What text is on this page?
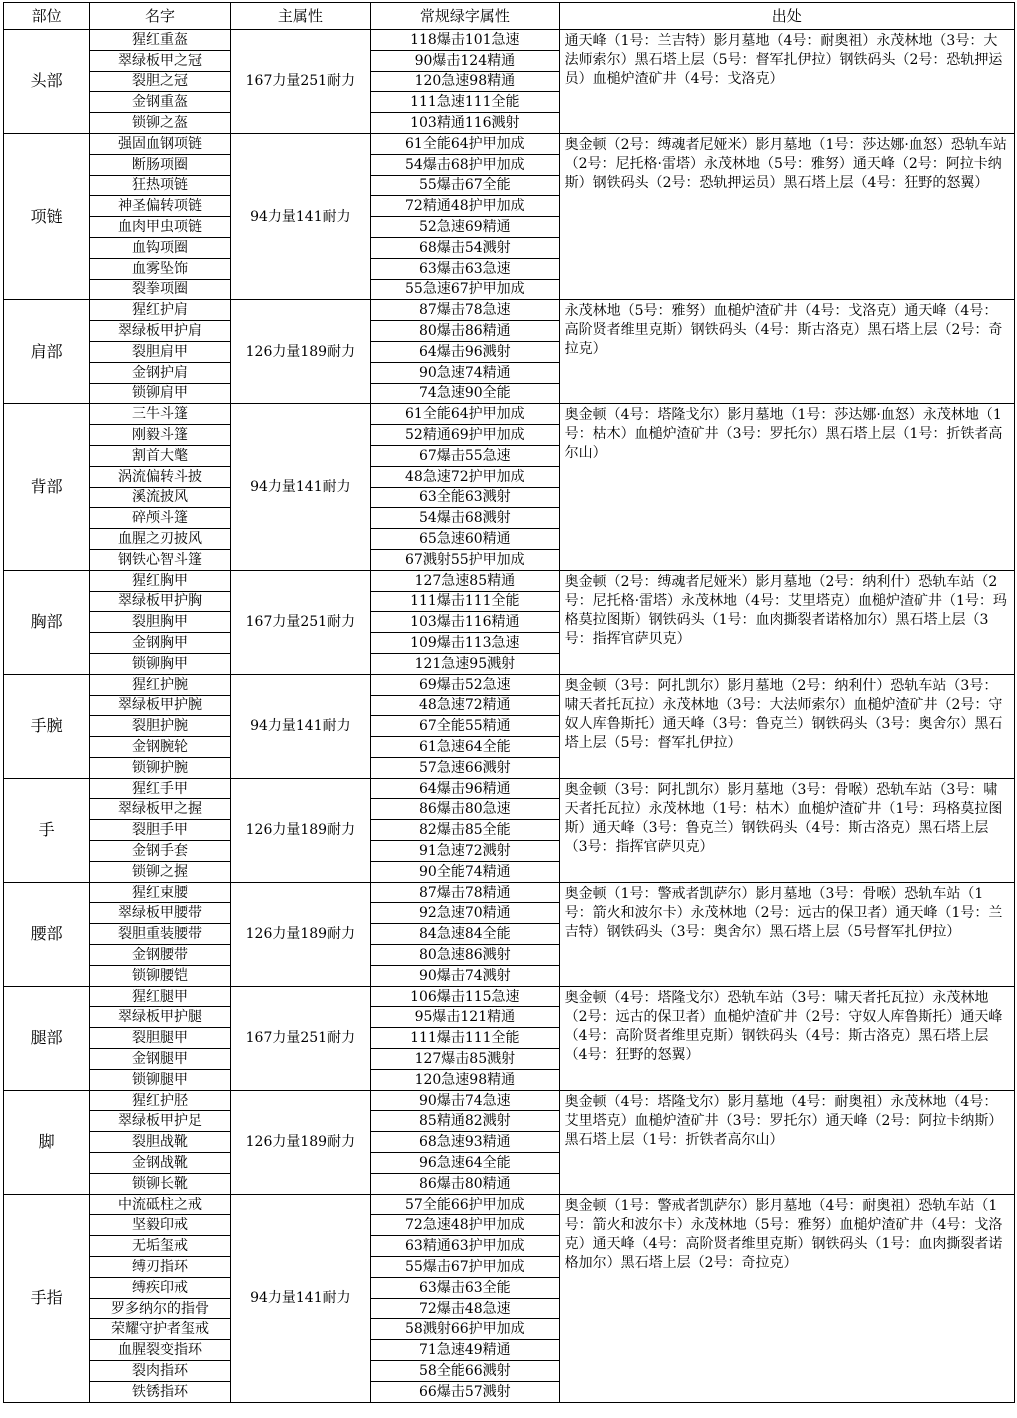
部位	名字	主属性	常规绿字属性	出处
头部	猩红重盔	167力量251耐力	118爆击101急速	通天峰（1号：兰吉特）影月墓地（4号：耐奥祖）永茂林地（3号：大法师索尔）黑石塔上层（5号：督军扎伊拉）钢铁码头（2号：恐轨押运员）血槌炉渣矿井（4号：戈洛克）
	翠绿板甲之冠		90爆击124精通	
	裂胆之冠		120急速98精通	
	金钢重盔		111急速111全能	
	锁铆之盔		103精通116溅射	
项链	强固血钢项链	94力量141耐力	61全能64护甲加成	奥金顿（2号：缚魂者尼娅米）影月墓地（1号：莎达娜·血怒）恐轨车站（2号：尼托格·雷塔）永茂林地（5号：雅努）通天峰（2号：阿拉卡纳斯）钢铁码头（2号：恐轨押运员）黑石塔上层（4号：狂野的怒翼）
	断肠项圈		54爆击68护甲加成	
	狂热项链		55爆击67全能	
	神圣偏转项链		72精通48护甲加成	
	血肉甲虫项链		52急速69精通	
	血钩项圈		68爆击54溅射	
	血雾坠饰		63爆击63急速	
	裂拳项圈		55急速67护甲加成	
肩部	猩红护肩	126力量189耐力	87爆击78急速	永茂林地（5号：雅努）血槌炉渣矿井（4号：戈洛克）通天峰（4号：高阶贤者维里克斯）钢铁码头（4号：斯古洛克）黑石塔上层（2号：奇拉克）
	翠绿板甲护肩		80爆击86精通	
	裂胆肩甲		64爆击96溅射	
	金钢护肩		90急速74精通	
	锁铆肩甲		74急速90全能	
背部	三牛斗篷	94力量141耐力	61全能64护甲加成	奥金顿（4号：塔隆戈尔）影月墓地（1号：莎达娜·血怒）永茂林地（1号：枯木）血槌炉渣矿井（3号：罗托尔）黑石塔上层（1号：折铁者高尔山）
	刚毅斗篷		52精通69护甲加成	
	割首大氅		67爆击55急速	
	涡流偏转斗披		48急速72护甲加成	
	溪流披风		63全能63溅射	
	碎颅斗篷		54爆击68溅射	
	血腥之刃披风		65急速60精通	
	钢铁心智斗篷		67溅射55护甲加成	
胸部	猩红胸甲	167力量251耐力	127急速85精通	奥金顿（2号：缚魂者尼娅米）影月墓地（2号：纳利什）恐轨车站（2号：尼托格·雷塔）永茂林地（4号：艾里塔克）血槌炉渣矿井（1号：玛格莫拉图斯）钢铁码头（1号：血肉撕裂者诺格加尔）黑石塔上层（3号：指挥官萨贝克）
	翠绿板甲护胸		111爆击111全能	
	裂胆胸甲		103爆击116精通	
	金钢胸甲		109爆击113急速	
	锁铆胸甲		121急速95溅射	
手腕	猩红护腕	94力量141耐力	69爆击52急速	奥金顿（3号：阿扎凯尔）影月墓地（2号：纳利什）恐轨车站（3号：啸天者托瓦拉）永茂林地（3号：大法师索尔）血槌炉渣矿井（2号：守奴人库鲁斯托）通天峰（3号：鲁克兰）钢铁码头（3号：奥舍尔）黑石塔上层（5号：督军扎伊拉）
	翠绿板甲护腕		48急速72精通	
	裂胆护腕		67全能55精通	
	金钢腕轮		61急速64全能	
	锁铆护腕		57急速66溅射	
手	猩红手甲	126力量189耐力	64爆击96精通	奥金顿（3号：阿扎凯尔）影月墓地（3号：骨喉）恐轨车站（3号：啸天者托瓦拉）永茂林地（1号：枯木）血槌炉渣矿井（1号：玛格莫拉图斯）通天峰（3号：鲁克兰）钢铁码头（4号：斯古洛克）黑石塔上层（3号：指挥官萨贝克）
	翠绿板甲之握		86爆击80急速	
	裂胆手甲		82爆击85全能	
	金钢手套		91急速72溅射	
	锁铆之握		90全能74精通	
腰部	猩红束腰	126力量189耐力	87爆击78精通	奥金顿（1号：警戒者凯萨尔）影月墓地（3号：骨喉）恐轨车站（1号：箭火和波尔卡）永茂林地（2号：远古的保卫者）通天峰（1号：兰吉特）钢铁码头（3号：奥舍尔）黑石塔上层（5号督军扎伊拉）
	翠绿板甲腰带		92急速70精通	
	裂胆重装腰带		84急速84全能	
	金钢腰带		80急速86溅射	
	锁铆腰铠		90爆击74溅射	
腿部	猩红腿甲	167力量251耐力	106爆击115急速	奥金顿（4号：塔隆戈尔）恐轨车站（3号：啸天者托瓦拉）永茂林地（2号：远古的保卫者）血槌炉渣矿井（2号：守奴人库鲁斯托）通天峰（4号：高阶贤者维里克斯）钢铁码头（4号：斯古洛克）黑石塔上层（4号：狂野的怒翼）
	翠绿板甲护腿		95爆击121精通	
	裂胆腿甲		111爆击111全能	
	金钢腿甲		127爆击85溅射	
	锁铆腿甲		120急速98精通	
脚	猩红护胫	126力量189耐力	90爆击74急速	奥金顿（4号：塔隆戈尔）影月墓地（4号：耐奥祖）永茂林地（4号：艾里塔克）血槌炉渣矿井（3号：罗托尔）通天峰（2号：阿拉卡纳斯）黑石塔上层（1号：折铁者高尔山）
	翠绿板甲护足		85精通82溅射	
	裂胆战靴		68急速93精通	
	金钢战靴		96急速64全能	
	锁铆长靴		86爆击80精通	
手指	中流砥柱之戒	94力量141耐力	57全能66护甲加成	奥金顿（1号：警戒者凯萨尔）影月墓地（4号：耐奥祖）恐轨车站（1号：箭火和波尔卡）永茂林地（5号：雅努）血槌炉渣矿井（4号：戈洛克）通天峰（4号：高阶贤者维里克斯）钢铁码头（1号：血肉撕裂者诺格加尔）黑石塔上层（2号：奇拉克）
	坚毅印戒		72急速48护甲加成	
	无垢玺戒		63精通63护甲加成	
	缚刃指环		55爆击67护甲加成	
	缚疾印戒		63爆击63全能	
	罗多纳尔的指骨		72爆击48急速	
	荣耀守护者玺戒		58溅射66护甲加成	
	血腥裂变指环		71急速49精通	
	裂肉指环		58全能66溅射	
	铁锈指环		66爆击57溅射	
